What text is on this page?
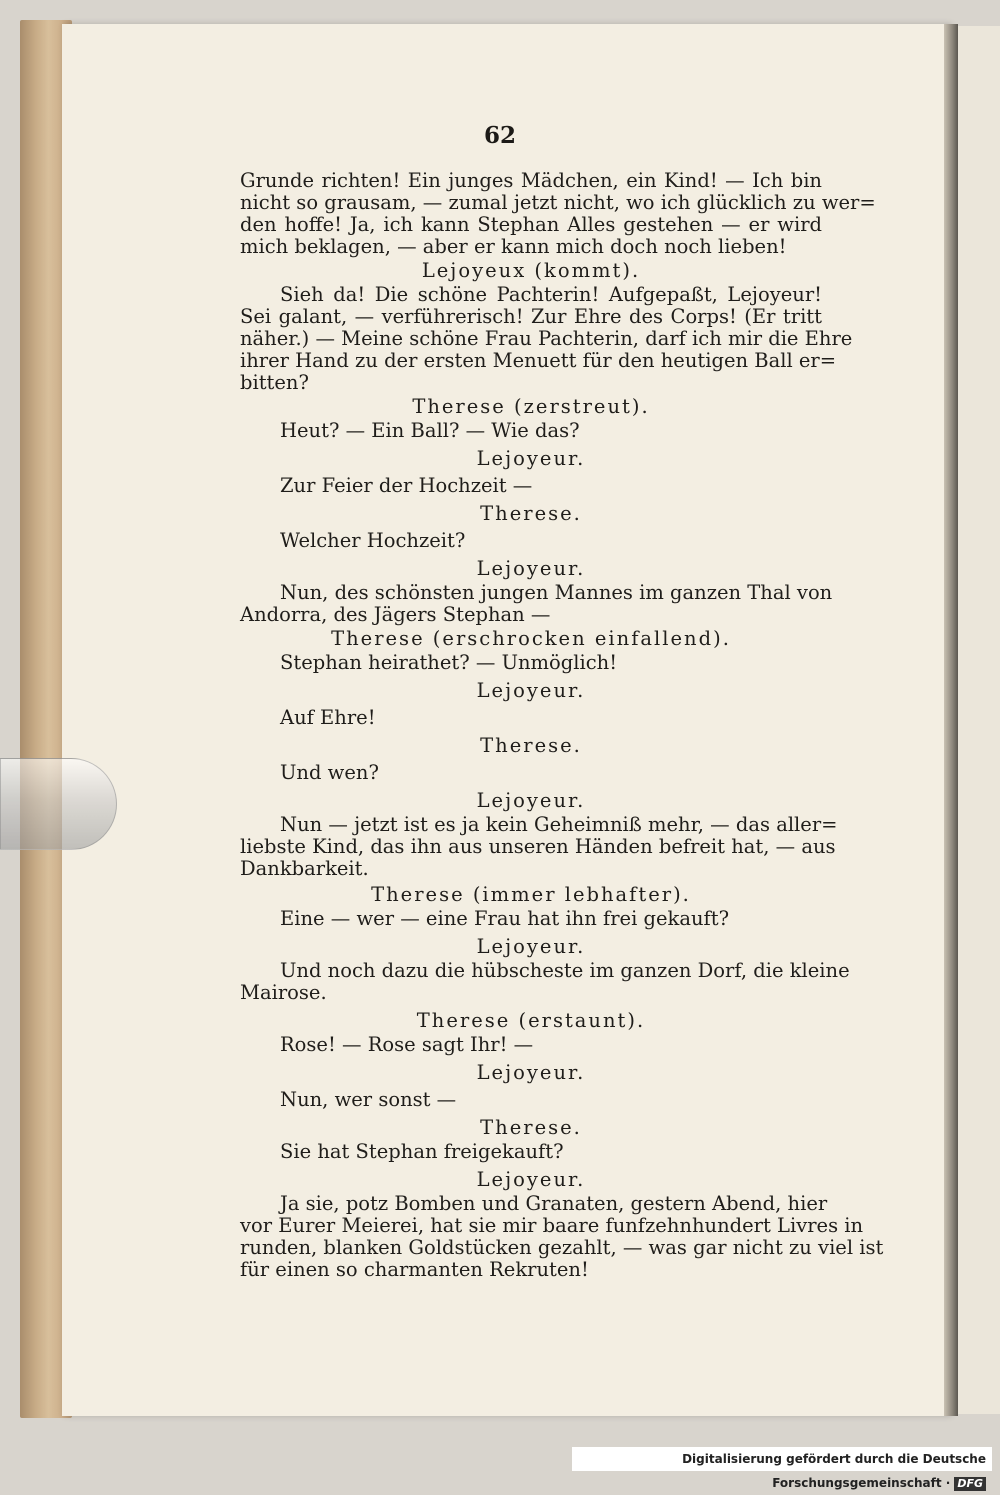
62
Grunde richten! Ein junges Mädchen, ein Kind! — Ich bin
nicht so grausam, — zumal jetzt nicht, wo ich glücklich zu wer=
den hoffe! Ja, ich kann Stephan Alles gestehen — er wird
mich beklagen, — aber er kann mich doch noch lieben!
Lejoyeux (kommt).
Sieh da! Die schöne Pachterin! Aufgepaßt, Lejoyeur!
Sei galant, — verführerisch! Zur Ehre des Corps! (Er tritt
näher.) — Meine schöne Frau Pachterin, darf ich mir die Ehre
ihrer Hand zu der ersten Menuett für den heutigen Ball er=
bitten?
Therese (zerstreut).
Heut? — Ein Ball? — Wie das?
Lejoyeur.
Zur Feier der Hochzeit —
Therese.
Welcher Hochzeit?
Lejoyeur.
Nun, des schönsten jungen Mannes im ganzen Thal von
Andorra, des Jägers Stephan —
Therese (erschrocken einfallend).
Stephan heirathet? — Unmöglich!
Lejoyeur.
Auf Ehre!
Therese.
Und wen?
Lejoyeur.
Nun — jetzt ist es ja kein Geheimniß mehr, — das aller=
liebste Kind, das ihn aus unseren Händen befreit hat, — aus
Dankbarkeit.
Therese (immer lebhafter).
Eine — wer — eine Frau hat ihn frei gekauft?
Lejoyeur.
Und noch dazu die hübscheste im ganzen Dorf, die kleine
Mairose.
Therese (erstaunt).
Rose! — Rose sagt Ihr! —
Lejoyeur.
Nun, wer sonst —
Therese.
Sie hat Stephan freigekauft?
Lejoyeur.
Ja sie, potz Bomben und Granaten, gestern Abend, hier
vor Eurer Meierei, hat sie mir baare funfzehnhundert Livres in
runden, blanken Goldstücken gezahlt, — was gar nicht zu viel ist
für einen so charmanten Rekruten!
Digitalisierung gefördert durch die Deutsche Forschungsgemeinschaft · DFG
